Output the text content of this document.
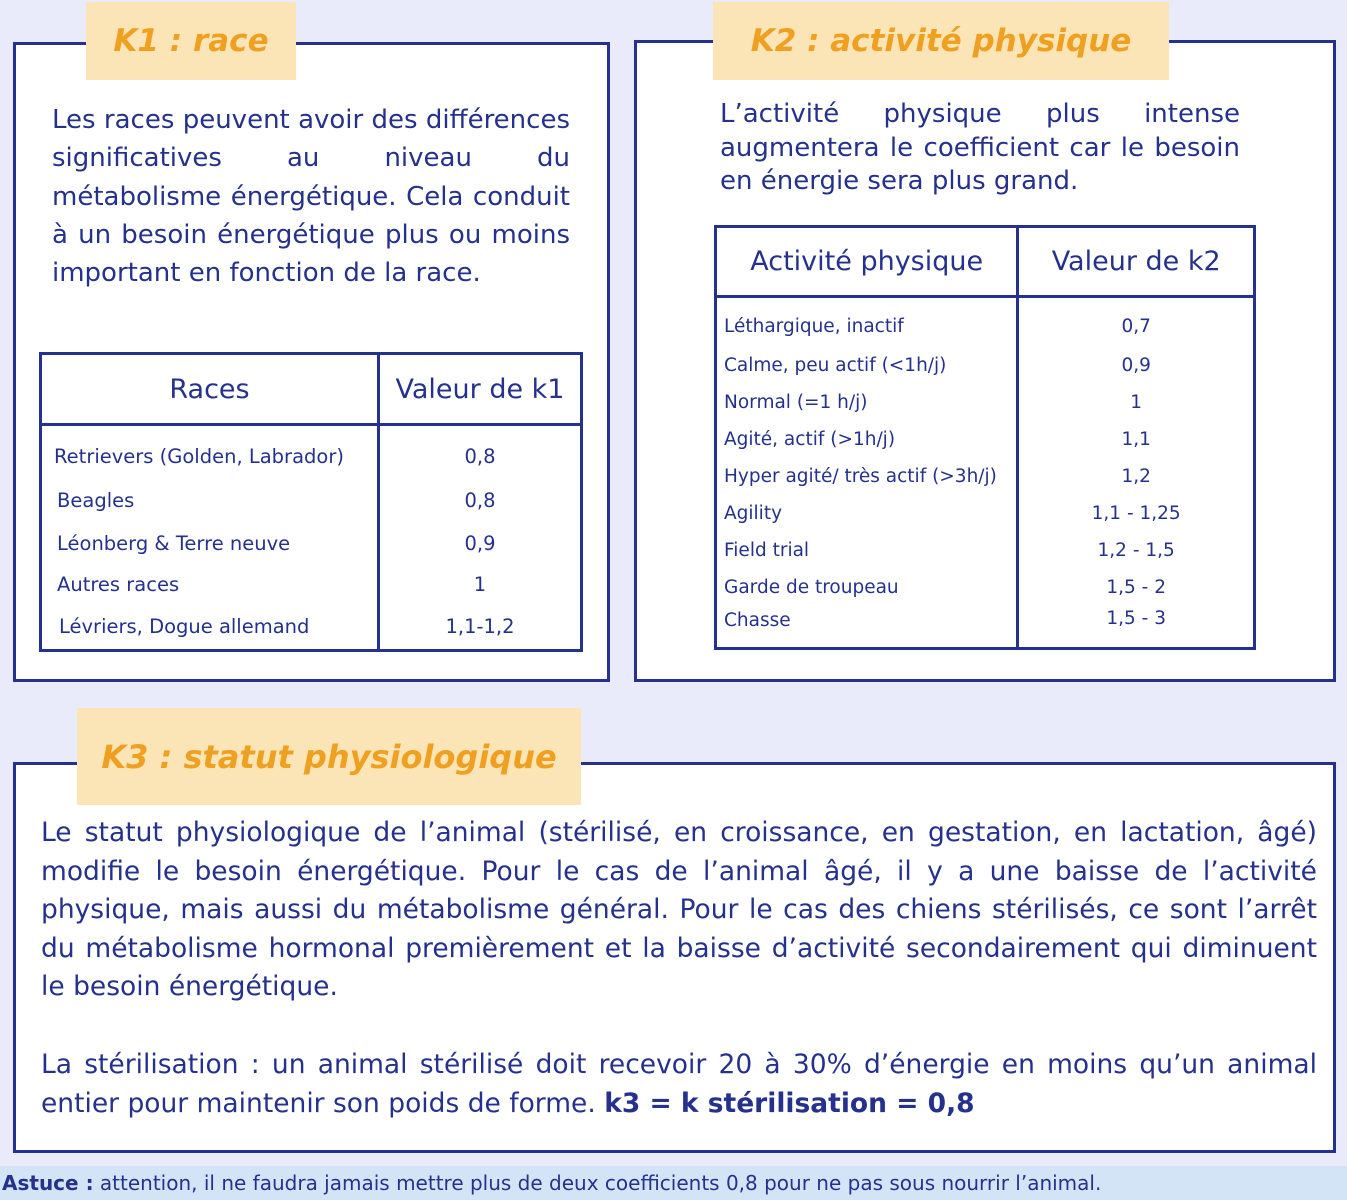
K1 : race
Les races peuvent avoir des différences significatives au niveau du métabolisme énergétique. Cela conduit à un besoin énergétique plus ou moins important en fonction de la race.
Races	Valeur de k1
Retrievers (Golden, Labrador)	0,8
Beagles	0,8
Léonberg & Terre neuve	0,9
Autres races	1
Lévriers, Dogue allemand	1,1-1,2
K2 : activité physique
L’activité physique plus intense augmentera le coefficient car le besoin en énergie sera plus grand.
Activité physique	Valeur de k2
Léthargique, inactif	0,7
Calme, peu actif (<1h/j)	0,9
Normal (=1 h/j)	1
Agité, actif (>1h/j)	1,1
Hyper agité/ très actif (>3h/j)	1,2
Agility	1,1 - 1,25
Field trial	1,2 - 1,5
Garde de troupeau	1,5 - 2
Chasse	1,5 - 3
K3 : statut physiologique
Le statut physiologique de l’animal (stérilisé, en croissance, en gestation, en lactation, âgé) modifie le besoin énergétique. Pour le cas de l’animal âgé, il y a une baisse de l’activité physique, mais aussi du métabolisme général. Pour le cas des chiens stérilisés, ce sont l’arrêt du métabolisme hormonal premièrement et la baisse d’activité secondairement qui diminuent le besoin énergétique.
La stérilisation : un animal stérilisé doit recevoir 20 à 30% d’énergie en moins qu’un animal entier pour maintenir son poids de forme. k3 = k stérilisation = 0,8
Astuce : attention, il ne faudra jamais mettre plus de deux coefficients 0,8 pour ne pas sous nourrir l’animal.
